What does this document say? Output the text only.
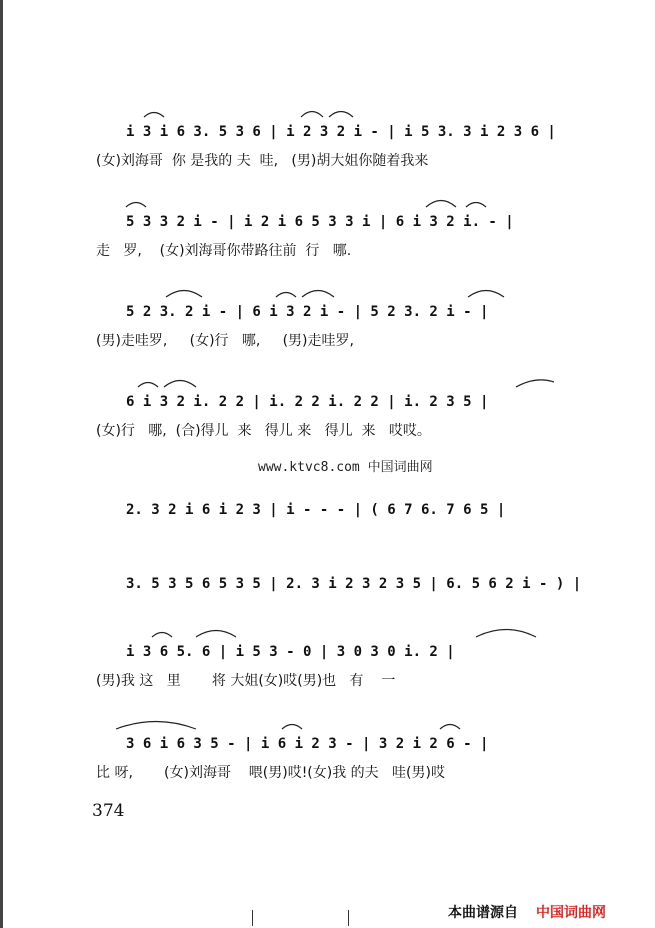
i 3 i 6 3. 5 3 6 | i 2 3 2 i - | i 5 3. 3 i 2 3 6 |
(女)刘海哥  你 是我的 夫  哇,   (男)胡大姐你随着我来
5 3 3 2 i - | i 2 i 6 5 3 3 i | 6 i 3 2 i. - |
走   罗,    (女)刘海哥你带路往前  行   哪.
5 2 3. 2 i - | 6 i 3 2 i - | 5 2 3. 2 i - |
(男)走哇罗,     (女)行   哪,     (男)走哇罗,
6 i 3 2 i. 2 2 | i. 2 2 i. 2 2 | i. 2 3 5 |
(女)行   哪,  (合)得儿  来   得儿 来   得儿  来   哎哎。
www.ktvc8.com 中国词曲网
2. 3 2 i 6 i 2 3 | i - - - | ( 6 7 6. 7 6 5 |
3. 5 3 5 6 5 3 5 | 2. 3 i 2 3 2 3 5 | 6. 5 6 2 i - ) |
i 3 6 5. 6 | i 5 3 - 0 | 3 0 3 0 i. 2 |
(男)我 这   里       将 大姐(女)哎(男)也   有    一
3 6 i 6 3 5 - | i 6 i 2 3 - | 3 2 i 2 6 - |
比 呀,       (女)刘海哥    喂(男)哎!(女)我 的夫   哇(男)哎
374
本曲谱源自 中国词曲网
